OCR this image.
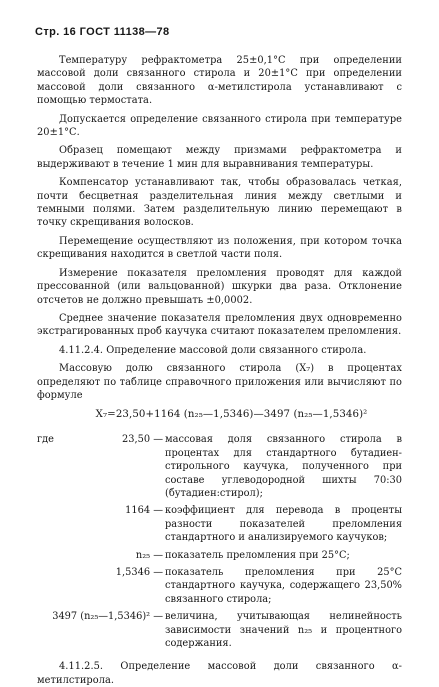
Стр. 16 ГОСТ 11138—78

Температуру рефрактометра 25±0,1°С при определении массовой доли связанного стирола и 20±1°С при определении массовой доли связанного α-метилстирола устанавливают с помощью термостата.

Допускается определение связанного стирола при температуре 20±1°С.

Образец помещают между призмами рефрактометра и выдерживают в течение 1 мин для выравнивания температуры.

Компенсатор устанавливают так, чтобы образовалась четкая, почти бесцветная разделительная линия между светлыми и темными полями. Затем разделительную линию перемещают в точку скрещивания волосков.

Перемещение осуществляют из положения, при котором точка скрещивания находится в светлой части поля.

Измерение показателя преломления проводят для каждой прессованной (или вальцованной) шкурки два раза. Отклонение отсчетов не должно превышать ±0,0002.

Среднее значение показателя преломления двух одновременно экстрагированных проб каучука считают показателем преломления.

4.11.2.4. Определение массовой доли связанного стирола.

Массовую долю связанного стирола (X₇) в процентах определяют по таблице справочного приложения или вычисляют по формуле

X₇=23,50+1164 (n₂₅—1,5346)—3497 (n₂₅—1,5346)²
где	23,50 — массовая доля связанного стирола в процентах для стандартного бутадиен-стирольного каучука, полученного при составе углеводородной шихты 70:30 (бутадиен:стирол);
1164 — коэффициент для перевода в проценты разности показателей преломления стандартного и анализируемого каучуков;
n₂₅ — показатель преломления при 25°С;
1,5346 — показатель преломления при 25°С стандартного каучука, содержащего 23,50% связанного стирола;
3497 (n₂₅—1,5346)² — величина, учитывающая нелинейность зависимости значений n₂₅ и процентного содержания.

4.11.2.5. Определение массовой доли связанного α-метилстирола.
